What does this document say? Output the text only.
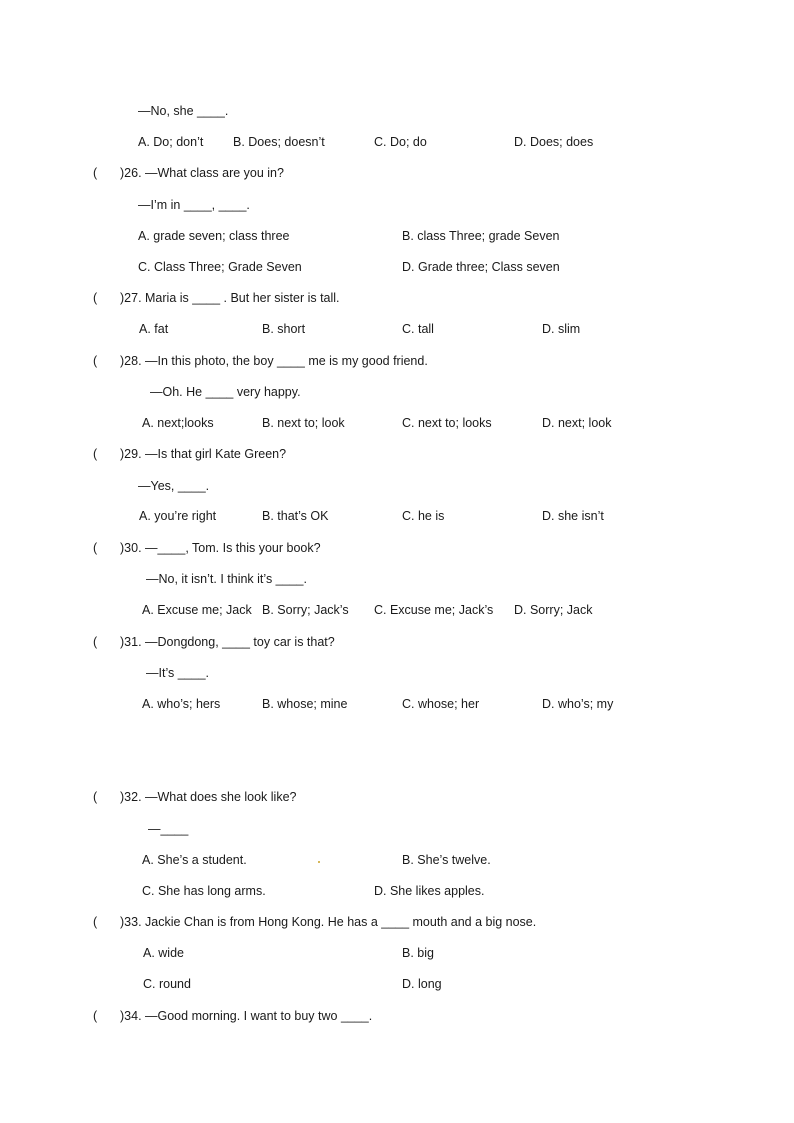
—No, she ____.
A. Do; don’t B. Does; doesn’t	C. Do; do	D. Does; does
( )26. —What class are you in?
—I’m in ____, ____.
A. grade seven; class three	B. class Three; grade Seven
C. Class Three; Grade Seven	D. Grade three; Class seven
( )27. Maria is ____ . But her sister is tall.
A. fat	B. short	C. tall	D. slim
( )28. —In this photo, the boy ____ me is my good friend.
—Oh. He ____ very happy.
A. next;looks	B. next to; look	C. next to; looks	D. next; look
( )29. —Is that girl Kate Green?
—Yes, ____.
A. you’re right	B. that’s OK	C. he is	D. she isn’t
( )30. —____, Tom. Is this your book?
—No, it isn’t. I think it’s ____.
A. Excuse me; Jack B. Sorry; Jack’s C. Excuse me; Jack’s D. Sorry; Jack
( )31. —Dongdong, ____ toy car is that?
—It’s ____.
A. who’s; hers	B. whose; mine	C. whose; her	D. who’s; my
( )32. —What does she look like?
—____
A. She’s a student.	B. She’s twelve.
C. She has long arms.	D. She likes apples.
( )33. Jackie Chan is from Hong Kong. He has a ____ mouth and a big nose.
A. wide	B. big
C. round	D. long
( )34. —Good morning. I want to buy two ____.
